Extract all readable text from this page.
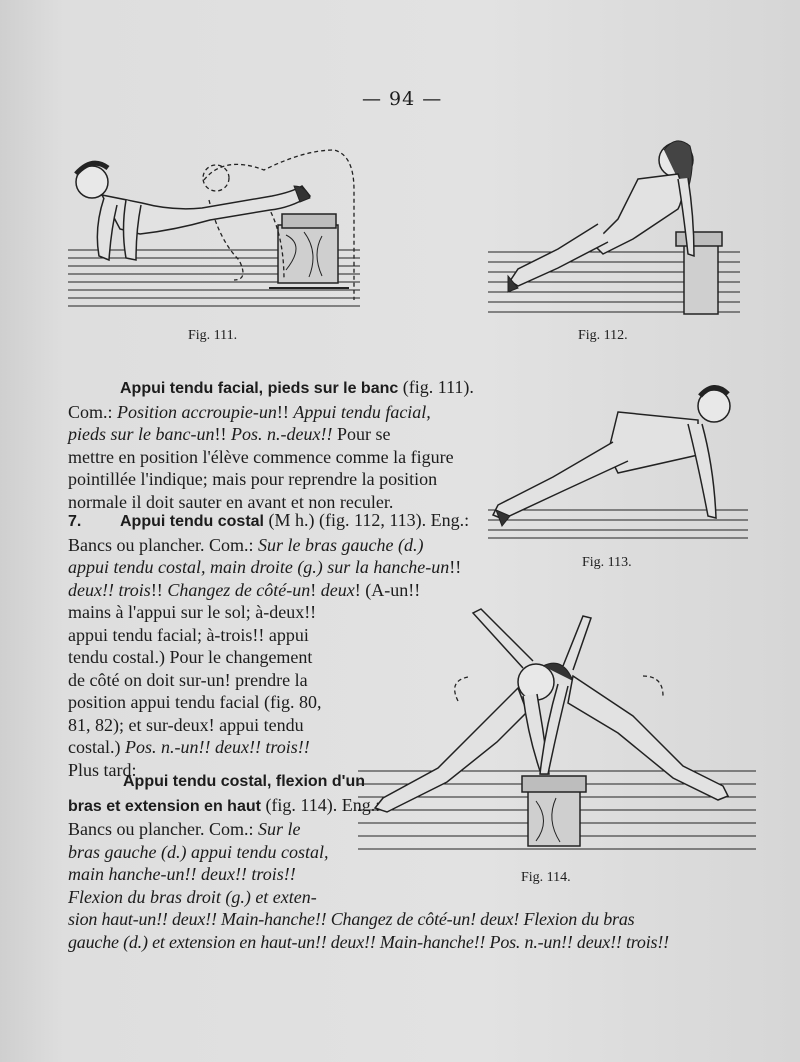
— 94 —
Fig. 111.	Fig. 112.

Appui tendu facial, pieds sur le banc (fig. 111).

Com.: Position accroupie-un!! Appui tendu facial,

pieds sur le banc-un!! Pos. n.-deux!! Pour se

mettre en position l'élève commence comme la figure

pointillée l'indique; mais pour reprendre la position

normale il doit sauter en avant et non reculer.

Fig. 113.

7. Appui tendu costal (M h.) (fig. 112, 113). Eng.:

Bancs ou plancher. Com.: Sur le bras gauche (d.)

appui tendu costal, main droite (g.) sur la hanche-un!!

deux!! trois!! Changez de côté-un! deux! (A-un!!

mains à l'appui sur le sol; à-deux!!

appui tendu facial; à-trois!! appui

tendu costal.) Pour le changement

de côté on doit sur-un! prendre la

position appui tendu facial (fig. 80,

81, 82); et sur-deux! appui tendu

costal.) Pos. n.-un!! deux!! trois!!

Plus tard:

Fig. 114.

Appui tendu costal, flexion d'un

bras et extension en haut (fig. 114). Eng.:

Bancs ou plancher. Com.: Sur le

bras gauche (d.) appui tendu costal,

main hanche-un!! deux!! trois!!

Flexion du bras droit (g.) et exten-

sion haut-un!! deux!! Main-hanche!! Changez de côté-un! deux! Flexion du bras

gauche (d.) et extension en haut-un!! deux!! Main-hanche!! Pos. n.-un!! deux!! trois!!
